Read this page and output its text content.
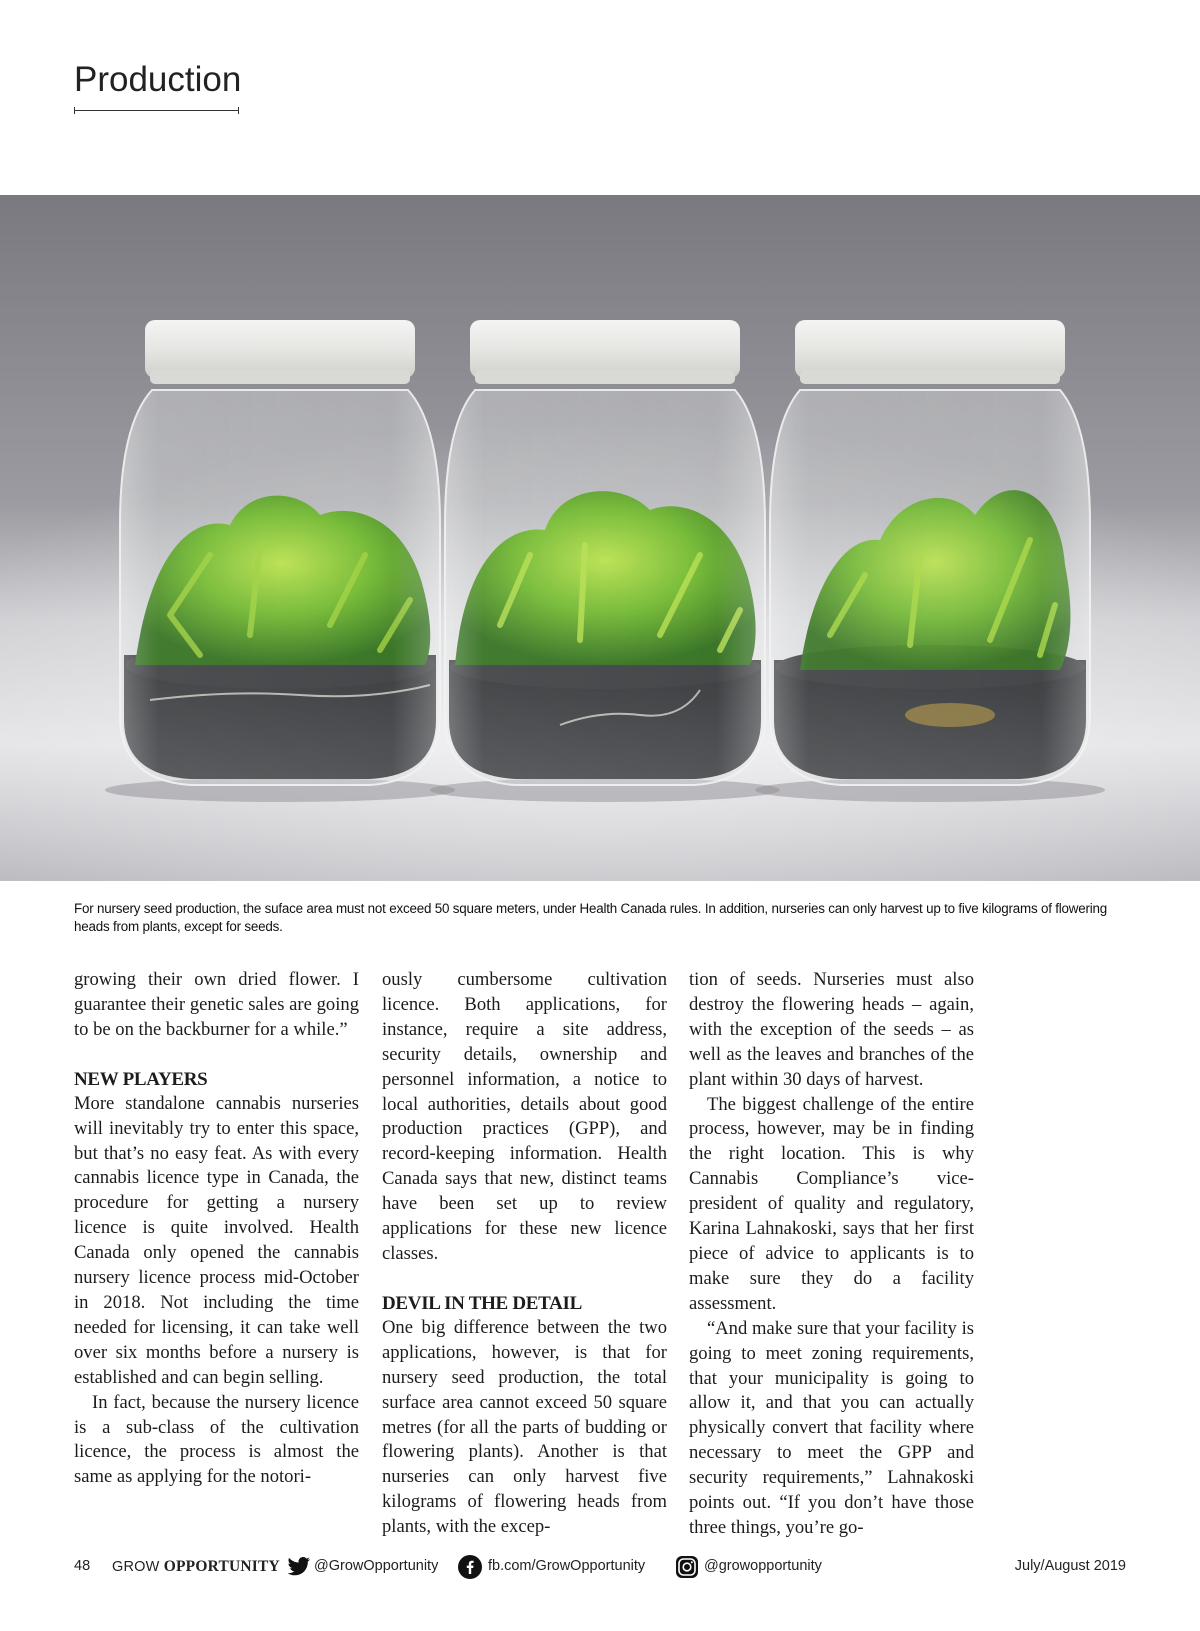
Production
For nursery seed production, the suface area must not exceed 50 square meters, under Health Canada rules. In addition, nurseries can only harvest up to five kilograms of flowering heads from plants, except for seeds.

growing their own dried flower. I guarantee their genetic sales are going to be on the backburner for a while.”

NEW PLAYERS

More standalone cannabis nurseries will inevitably try to enter this space, but that’s no easy feat. As with every cannabis licence type in Canada, the procedure for getting a nursery licence is quite involved. Health Canada only opened the cannabis nursery licence process mid-October in 2018. Not including the time needed for licensing, it can take well over six months before a nursery is established and can begin selling.

In fact, because the nursery licence is a sub-class of the cultivation licence, the process is almost the same as applying for the notori-

ously cumbersome cultivation licence. Both applications, for instance, require a site address, security details, ownership and personnel information, a notice to local authorities, details about good production practices (GPP), and record-keeping information. Health Canada says that new, distinct teams have been set up to review applications for these new licence classes.

DEVIL IN THE DETAIL

One big difference between the two applications, however, is that for nursery seed production, the total surface area cannot exceed 50 square metres (for all the parts of budding or flowering plants). Another is that nurseries can only harvest five kilograms of flowering heads from plants, with the excep-

tion of seeds. Nurseries must also destroy the flowering heads – again, with the exception of the seeds – as well as the leaves and branches of the plant within 30 days of harvest.

The biggest challenge of the entire process, however, may be in finding the right location. This is why Cannabis Compliance’s vice-president of quality and regulatory, Karina Lahnakoski, says that her first piece of advice to applicants is to make sure they do a facility assessment.

“And make sure that your facility is going to meet zoning requirements, that your municipality is going to allow it, and that you can actually physically convert that facility where necessary to meet the GPP and security requirements,” Lahnakoski points out. “If you don’t have those three things, you’re go-

48 GROW OPPORTUNITY @GrowOpportunity	fb.com/GrowOpportunity	@growopportunity	July/August 2019
